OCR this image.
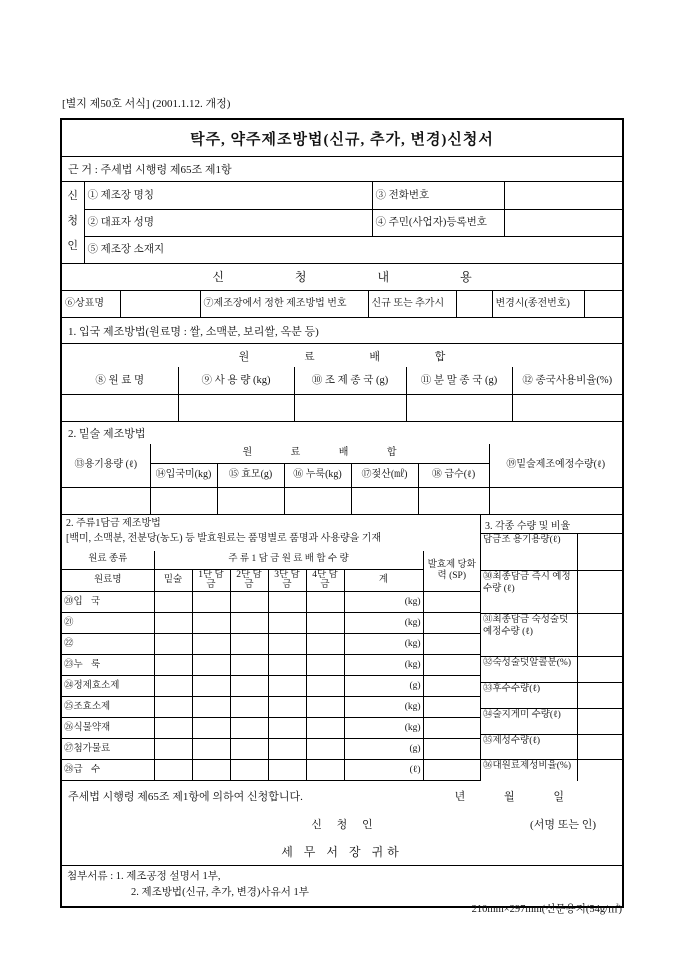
[별지 제50호 서식] (2001.1.12. 개정)
탁주, 약주제조방법(신규, 추가, 변경)신청서
근 거 : 주세법 시행령 제65조 제1항
신
청
인	① 제조장 명칭	③ 전화번호	
	② 대표자 성명	④ 주민(사업자)등록번호	
	⑤ 제조장 소재지		
신 청 내 용
⑥상표명		⑦제조장에서 정한 제조방법 번호	신규 또는 추가시		변경시(종전번호)	
1. 입국 제조방법(원료명 : 쌀, 소맥분, 보리쌀, 옥분 등)
원 료 배 합
⑧ 원 료 명	⑨ 사 용 량 (kg)	⑩ 조 제 종 국 (g)	⑪ 분 말 종 국 (g)	⑫ 종국사용비율(%)

2. 밑술 제조방법
⑬용기용량 (ℓ)	원 료 배 합					⑲밑술제조예정수량(ℓ)
	⑭입국미(kg)	⑮ 효모(g)	⑯ 누룩(kg)	⑰젖산(㎖)	⑱ 급수(ℓ)	

2. 주류1담금 제조방법
[백미, 소맥분, 전분당(농도) 등 발효원료는 품명별로 품명과 사용량을 기재
원료 종류	주 류 1 담 금 원 료 배 합 수 량						발효제 당화력 (SP)
원료명	밑술	1단 담금	2단 담금	3단 담금	4단 담금	계	
⑳입 국						(kg)	
㉑						(kg)	
㉒						(kg)	
㉓누 룩						(kg)	
㉔정제효소제						(g)	
㉕조효소제						(kg)	
㉖식물약재						(kg)	
㉗첨가물료						(g)	
㉘급 수						(ℓ)	
3. 각종 수량 및 비율
담금조 용기용량(ℓ)
㉚최종담금 즉시 예정수량 (ℓ)
㉛최종담금 숙성술덧 예정수량 (ℓ)
㉜숙성술덧알콜분(%)
㉝후수수량(ℓ)
㉞술지게미 수량(ℓ)
㉟제성수량(ℓ)
㊱대원료제성비율(%)
주세법 시행령 제65조 제1항에 의하여 신청합니다.	년 월 일
신 청 인	(서명 또는 인)
세 무 서 장 귀하
첨부서류 : 1. 제조공정 설명서 1부,
2. 제조방법(신규, 추가, 변경)사유서 1부
210mm×297mm(신문용지(54g/㎡)
